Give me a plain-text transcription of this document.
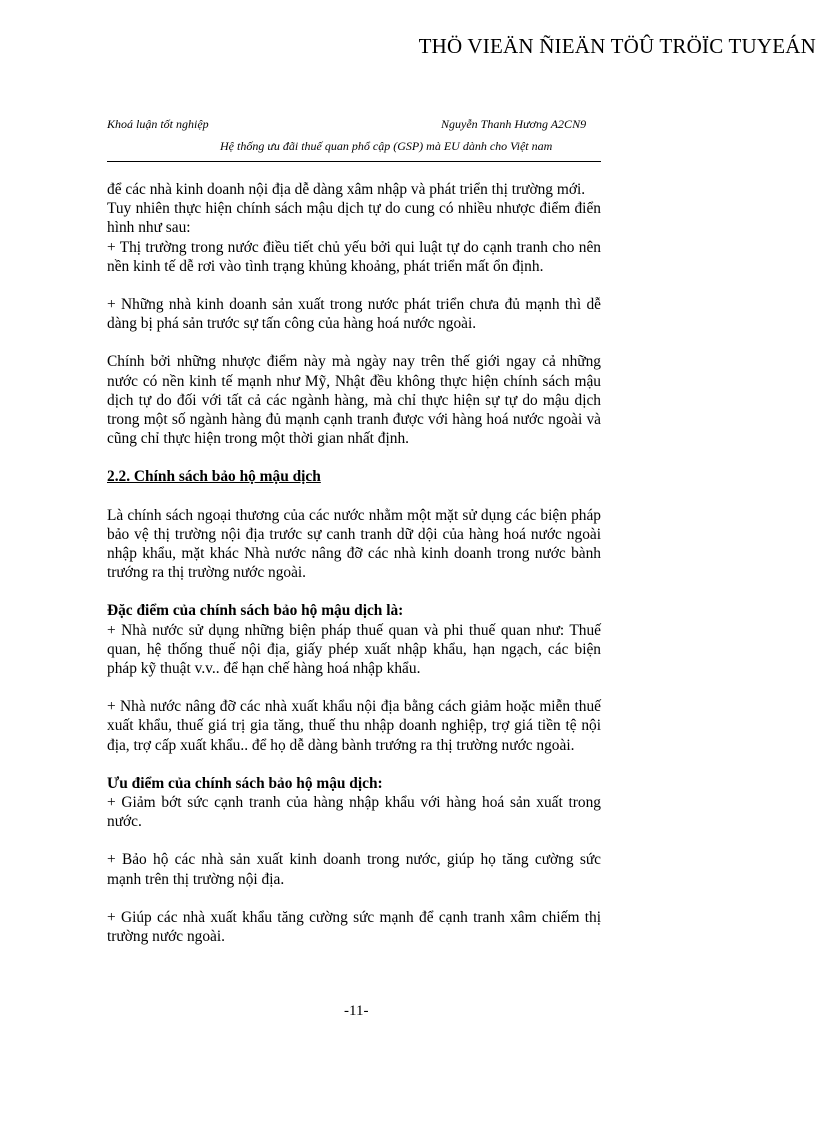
THÖ VIEÄN ÑIEÄN TÖÛ TRÖÏC TUYEÁN
Khoá luận tốt nghiệp	Nguyễn Thanh Hương A2CN9
Hệ thống ưu đãi thuế quan phổ cập (GSP) mà EU dành cho Việt nam

để các nhà kinh doanh nội địa dễ dàng xâm nhập và phát triển thị trường mới.

Tuy nhiên thực hiện chính sách mậu dịch tự do cung có nhiều nhược điểm điển hình như sau:

+ Thị trường trong nước điều tiết chủ yếu bởi qui luật tự do cạnh tranh cho nên nền kinh tế dễ rơi vào tình trạng khủng khoảng, phát triển mất ổn định.

+ Những nhà kinh doanh sản xuất trong nước phát triển chưa đủ mạnh thì dễ dàng bị phá sản trước sự tấn công của hàng hoá nước ngoài.

Chính bởi những nhược điểm này mà ngày nay trên thế giới ngay cả những nước có nền kinh tế mạnh như Mỹ, Nhật đều không thực hiện chính sách mậu dịch tự do đối với tất cả các ngành hàng, mà chỉ thực hiện sự tự do mậu dịch trong một số ngành hàng đủ mạnh cạnh tranh được với hàng hoá nước ngoài và cũng chỉ thực hiện trong một thời gian nhất định.

2.2. Chính sách bảo hộ mậu dịch

Là chính sách ngoại thương của các nước nhằm một mặt sử dụng các biện pháp bảo vệ thị trường nội địa trước sự canh tranh dữ dội của hàng hoá nước ngoài nhập khẩu, mặt khác Nhà nước nâng đỡ các nhà kinh doanh trong nước bành trướng ra thị trường nước ngoài.

Đặc điểm của chính sách bảo hộ mậu dịch là:

+ Nhà nước sử dụng những biện pháp thuế quan và phi thuế quan như: Thuế quan, hệ thống thuế nội địa, giấy phép xuất nhập khẩu, hạn ngạch, các biện pháp kỹ thuật v.v.. để hạn chế hàng hoá nhập khẩu.

+ Nhà nước nâng đỡ các nhà xuất khẩu nội địa bằng cách giảm hoặc miễn thuế xuất khẩu, thuế giá trị gia tăng, thuế thu nhập doanh nghiệp, trợ giá tiền tệ nội địa, trợ cấp xuất khẩu.. để họ dễ dàng bành trướng ra thị trường nước ngoài.

Ưu điểm của chính sách bảo hộ mậu dịch:

+ Giảm bớt sức cạnh tranh của hàng nhập khẩu với hàng hoá sản xuất trong nước.

+ Bảo hộ các nhà sản xuất kinh doanh trong nước, giúp họ tăng cường sức mạnh trên thị trường nội địa.

+ Giúp các nhà xuất khẩu tăng cường sức mạnh để cạnh tranh xâm chiếm thị trường nước ngoài.

-11-
